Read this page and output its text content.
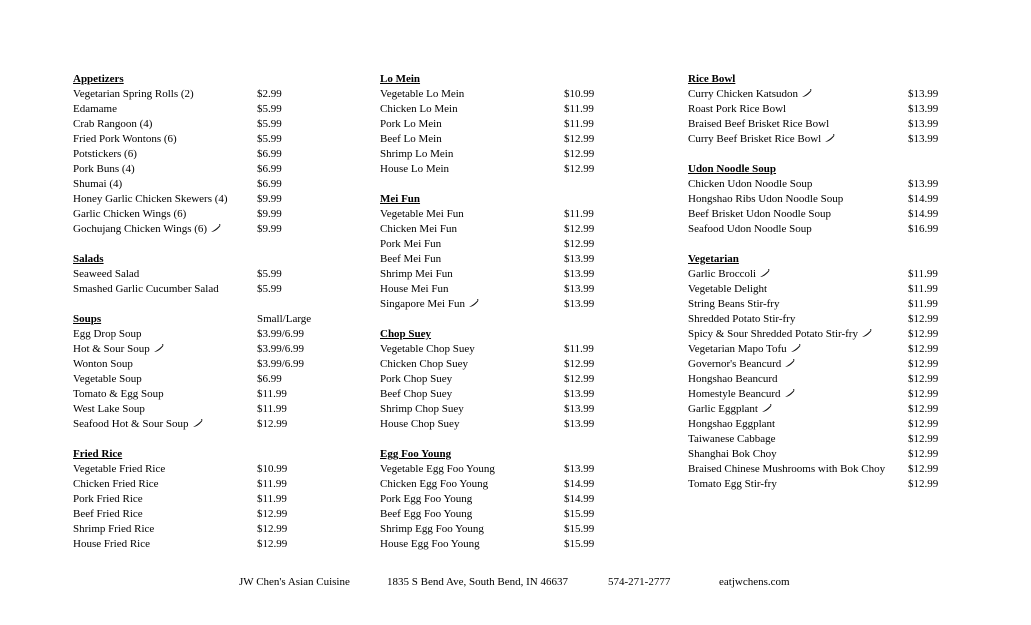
Appetizers
Vegetarian Spring Rolls (2)	$2.99
Edamame	$5.99
Crab Rangoon (4)	$5.99
Fried Pork Wontons (6)	$5.99
Potstickers (6)	$6.99
Pork Buns (4)	$6.99
Shumai (4)	$6.99
Honey Garlic Chicken Skewers (4)	$9.99
Garlic Chicken Wings (6)	$9.99
Gochujang Chicken Wings (6)	$9.99
Salads
Seaweed Salad	$5.99
Smashed Garlic Cucumber Salad	$5.99
Soups	Small/Large
Egg Drop Soup	$3.99/6.99
Hot & Sour Soup	$3.99/6.99
Wonton Soup	$3.99/6.99
Vegetable Soup	$6.99
Tomato & Egg Soup	$11.99
West Lake Soup	$11.99
Seafood Hot & Sour Soup	$12.99
Fried Rice
Vegetable Fried Rice	$10.99
Chicken Fried Rice	$11.99
Pork Fried Rice	$11.99
Beef Fried Rice	$12.99
Shrimp Fried Rice	$12.99
House Fried Rice	$12.99
Lo Mein
Vegetable Lo Mein	$10.99
Chicken Lo Mein	$11.99
Pork Lo Mein	$11.99
Beef Lo Mein	$12.99
Shrimp Lo Mein	$12.99
House Lo Mein	$12.99
Mei Fun
Vegetable Mei Fun	$11.99
Chicken Mei Fun	$12.99
Pork Mei Fun	$12.99
Beef Mei Fun	$13.99
Shrimp Mei Fun	$13.99
House Mei Fun	$13.99
Singapore Mei Fun	$13.99
Chop Suey
Vegetable Chop Suey	$11.99
Chicken Chop Suey	$12.99
Pork Chop Suey	$12.99
Beef Chop Suey	$13.99
Shrimp Chop Suey	$13.99
House Chop Suey	$13.99
Egg Foo Young
Vegetable Egg Foo Young	$13.99
Chicken Egg Foo Young	$14.99
Pork Egg Foo Young	$14.99
Beef Egg Foo Young	$15.99
Shrimp Egg Foo Young	$15.99
House Egg Foo Young	$15.99
Rice Bowl
Curry Chicken Katsudon	$13.99
Roast Pork Rice Bowl	$13.99
Braised Beef Brisket Rice Bowl	$13.99
Curry Beef Brisket Rice Bowl	$13.99
Udon Noodle Soup
Chicken Udon Noodle Soup	$13.99
Hongshao Ribs Udon Noodle Soup	$14.99
Beef Brisket Udon Noodle Soup	$14.99
Seafood Udon Noodle Soup	$16.99
Vegetarian
Garlic Broccoli	$11.99
Vegetable Delight	$11.99
String Beans Stir-fry	$11.99
Shredded Potato Stir-fry	$12.99
Spicy & Sour Shredded Potato Stir-fry	$12.99
Vegetarian Mapo Tofu	$12.99
Governor's Beancurd	$12.99
Hongshao Beancurd	$12.99
Homestyle Beancurd	$12.99
Garlic Eggplant	$12.99
Hongshao Eggplant	$12.99
Taiwanese Cabbage	$12.99
Shanghai Bok Choy	$12.99
Braised Chinese Mushrooms with Bok Choy $12.99
Tomato Egg Stir-fry	$12.99
JW Chen's Asian Cuisine	1835 S Bend Ave, South Bend, IN 46637	574-271-2777	eatjwchens.com
